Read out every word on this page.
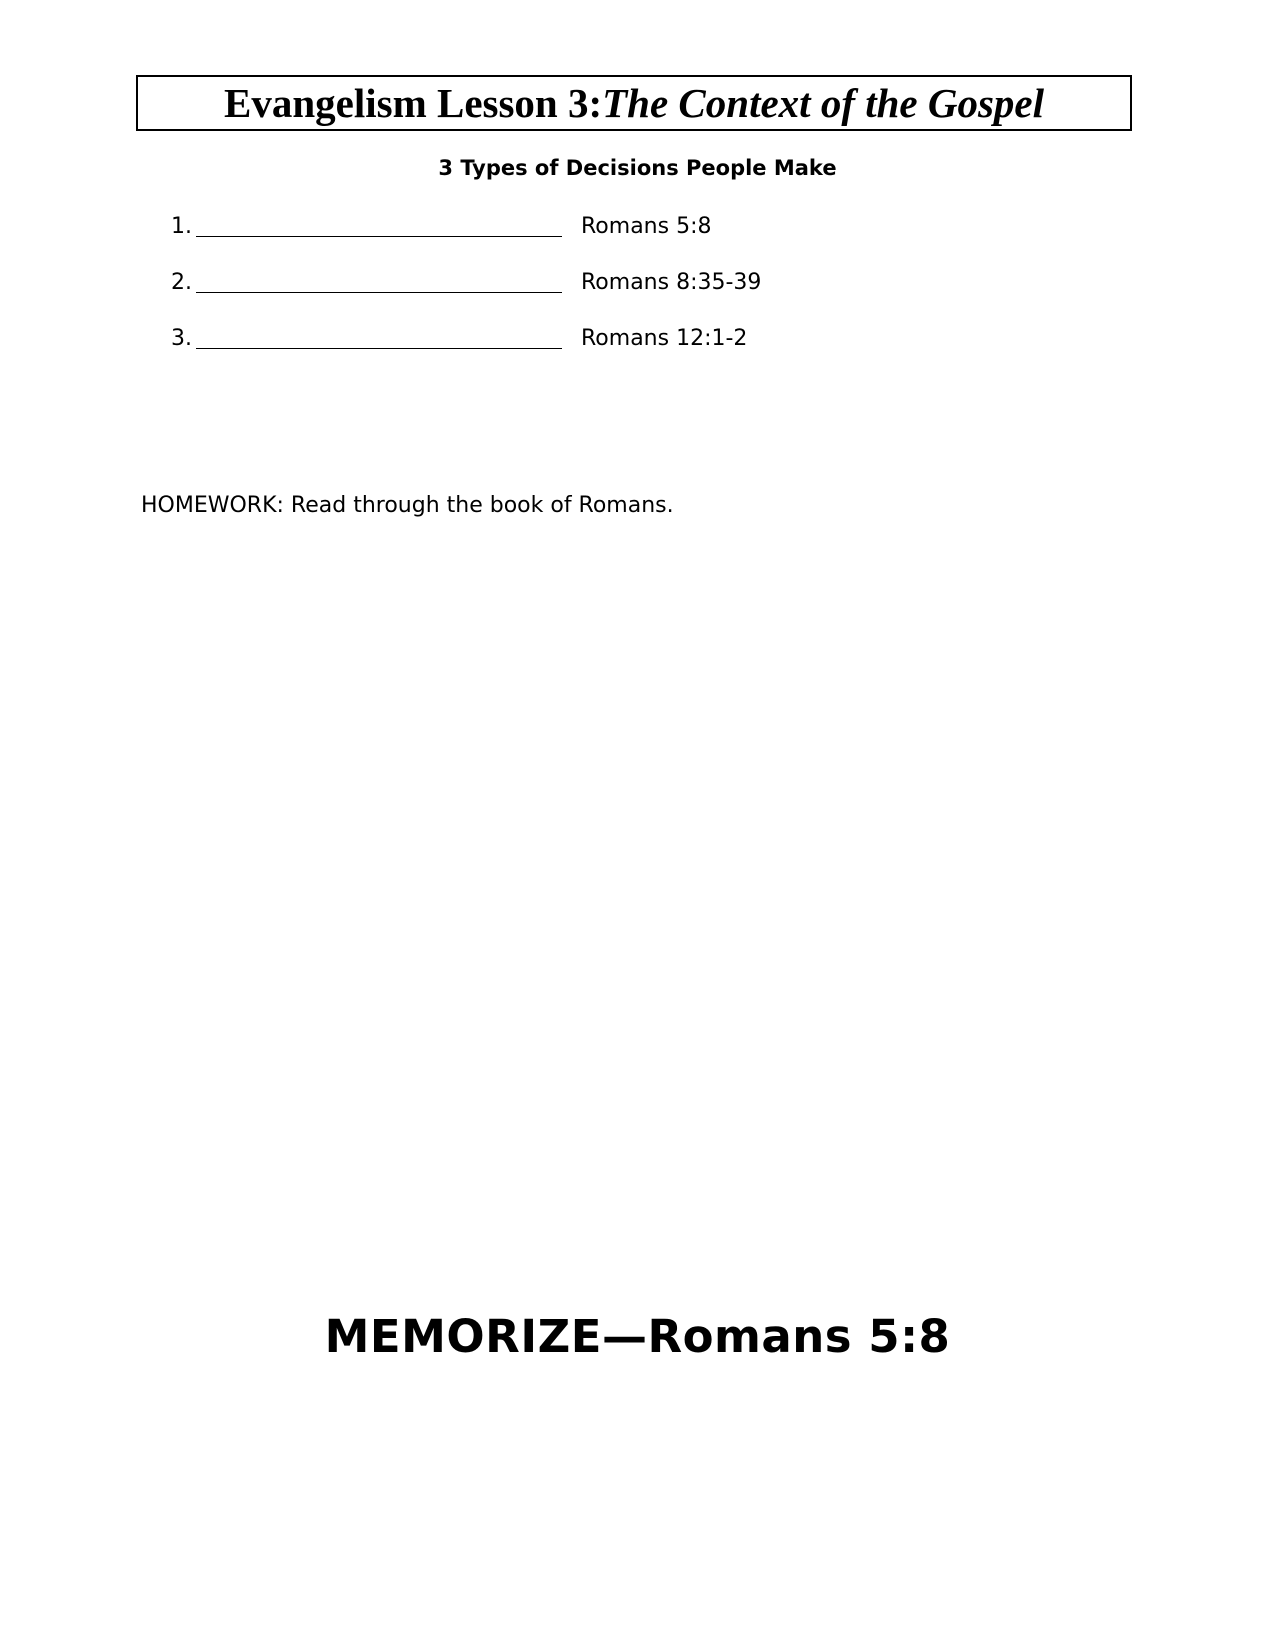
Evangelism Lesson 3: The Context of the Gospel
3 Types of Decisions People Make
1.	Romans 5:8
2.	Romans 8:35-39
3.	Romans 12:1-2
HOMEWORK: Read through the book of Romans.
MEMORIZE—Romans 5:8
